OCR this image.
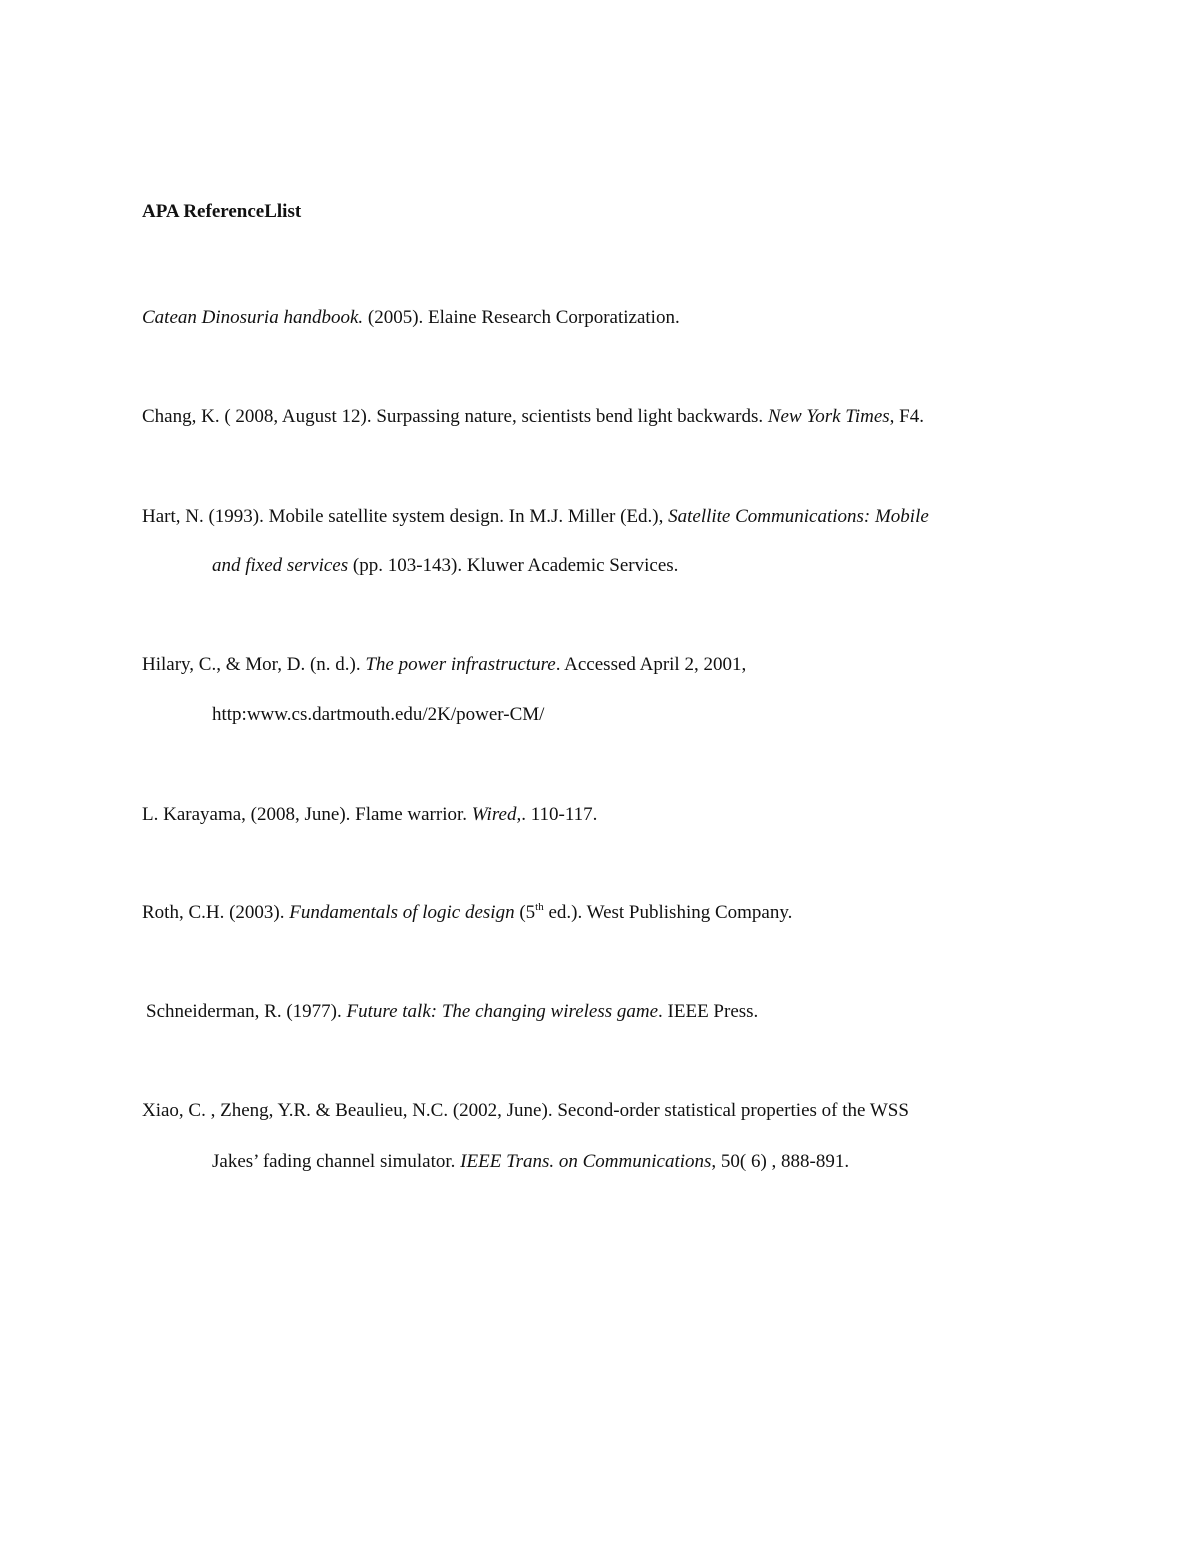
APA ReferenceLlist
Catean Dinosuria handbook. (2005). Elaine Research Corporatization.
Chang, K. ( 2008, August 12). Surpassing nature, scientists bend light backwards. New York Times, F4.
Hart, N. (1993). Mobile satellite system design. In M.J. Miller (Ed.), Satellite Communications: Mobile
and fixed services (pp. 103-143). Kluwer Academic Services.
Hilary, C., & Mor, D. (n. d.). The power infrastructure. Accessed April 2, 2001,
http:www.cs.dartmouth.edu/2K/power-CM/
L. Karayama, (2008, June). Flame warrior. Wired,. 110-117.
Roth, C.H. (2003). Fundamentals of logic design (5th ed.). West Publishing Company.
Schneiderman, R. (1977). Future talk: The changing wireless game. IEEE Press.
Xiao, C. , Zheng, Y.R. & Beaulieu, N.C. (2002, June). Second-order statistical properties of the WSS
Jakes’ fading channel simulator. IEEE Trans. on Communications, 50( 6) , 888-891.
